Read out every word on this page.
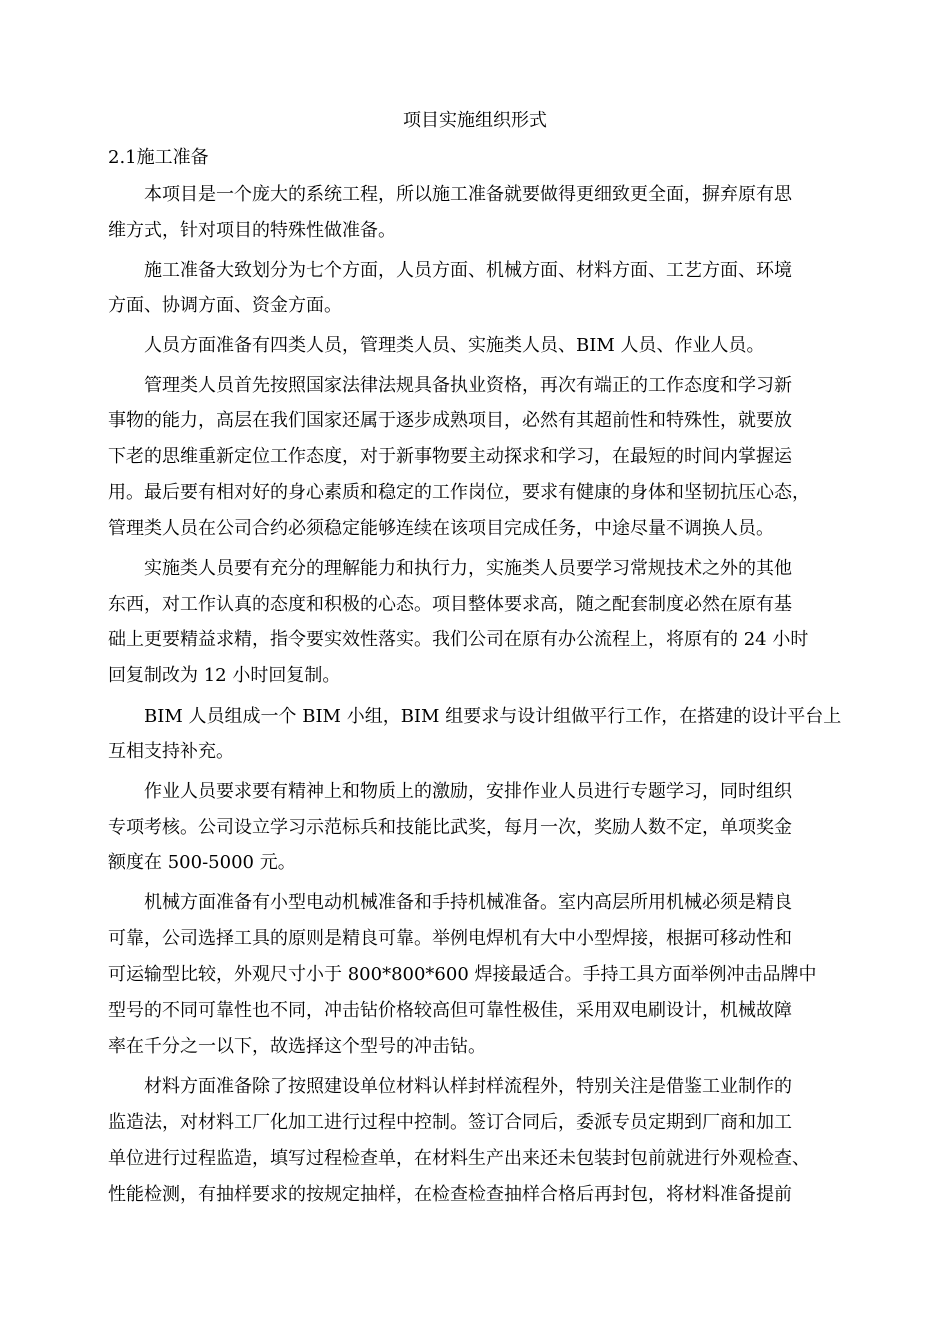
项目实施组织形式
2.1施工准备
本项目是一个庞大的系统工程，所以施工准备就要做得更细致更全面，摒弃原有思
维方式，针对项目的特殊性做准备。
施工准备大致划分为七个方面，人员方面、机械方面、材料方面、工艺方面、环境
方面、协调方面、资金方面。
人员方面准备有四类人员，管理类人员、实施类人员、BIM 人员、作业人员。
管理类人员首先按照国家法律法规具备执业资格，再次有端正的工作态度和学习新
事物的能力，高层在我们国家还属于逐步成熟项目，必然有其超前性和特殊性，就要放
下老的思维重新定位工作态度，对于新事物要主动探求和学习，在最短的时间内掌握运
用。最后要有相对好的身心素质和稳定的工作岗位，要求有健康的身体和坚韧抗压心态，
管理类人员在公司合约必须稳定能够连续在该项目完成任务，中途尽量不调换人员。
实施类人员要有充分的理解能力和执行力，实施类人员要学习常规技术之外的其他
东西，对工作认真的态度和积极的心态。项目整体要求高，随之配套制度必然在原有基
础上更要精益求精，指令要实效性落实。我们公司在原有办公流程上，将原有的 24 小时
回复制改为 12 小时回复制。
BIM 人员组成一个 BIM 小组，BIM 组要求与设计组做平行工作，在搭建的设计平台上
互相支持补充。
作业人员要求要有精神上和物质上的激励，安排作业人员进行专题学习，同时组织
专项考核。公司设立学习示范标兵和技能比武奖，每月一次，奖励人数不定，单项奖金
额度在 500-5000 元。
机械方面准备有小型电动机械准备和手持机械准备。室内高层所用机械必须是精良
可靠，公司选择工具的原则是精良可靠。举例电焊机有大中小型焊接，根据可移动性和
可运输型比较，外观尺寸小于 800*800*600 焊接最适合。手持工具方面举例冲击品牌中
型号的不同可靠性也不同，冲击钻价格较高但可靠性极佳，采用双电刷设计，机械故障
率在千分之一以下，故选择这个型号的冲击钻。
材料方面准备除了按照建设单位材料认样封样流程外，特别关注是借鉴工业制作的
监造法，对材料工厂化加工进行过程中控制。签订合同后，委派专员定期到厂商和加工
单位进行过程监造，填写过程检查单，在材料生产出来还未包装封包前就进行外观检查、
性能检测，有抽样要求的按规定抽样，在检查检查抽样合格后再封包，将材料准备提前
